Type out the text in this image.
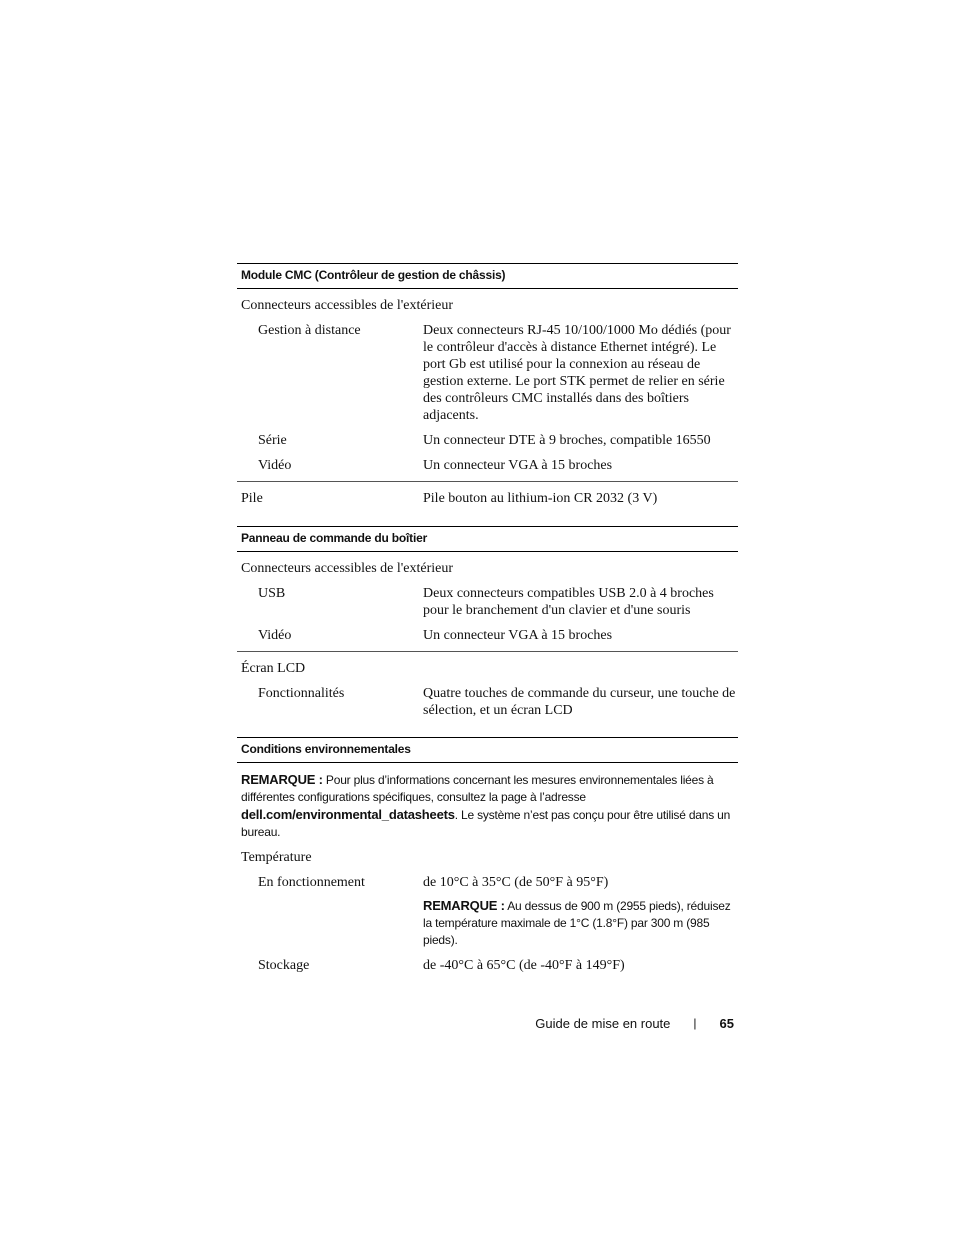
Module CMC (Contrôleur de gestion de châssis)
Connecteurs accessibles de l'extérieur
Gestion à distance	Deux connecteurs RJ-45 10/100/1000 Mo dédiés (pour le contrôleur d'accès à distance Ethernet intégré). Le port Gb est utilisé pour la connexion au réseau de gestion externe. Le port STK permet de relier en série des contrôleurs CMC installés dans des boîtiers adjacents.
Série	Un connecteur DTE à 9 broches, compatible 16550
Vidéo	Un connecteur VGA à 15 broches
Pile	Pile bouton au lithium-ion CR 2032 (3 V)
Panneau de commande du boîtier
Connecteurs accessibles de l'extérieur
USB	Deux connecteurs compatibles USB 2.0 à 4 broches pour le branchement d'un clavier et d'une souris
Vidéo	Un connecteur VGA à 15 broches
Écran LCD
Fonctionnalités	Quatre touches de commande du curseur, une touche de sélection, et un écran LCD
Conditions environnementales
REMARQUE : Pour plus d’informations concernant les mesures environnementales liées à différentes configurations spécifiques, consultez la page à l’adresse dell.com/environmental_datasheets. Le système n’est pas conçu pour être utilisé dans un bureau.
Température
En fonctionnement	de 10°C à 35°C (de 50°F à 95°F)
REMARQUE : Au dessus de 900 m (2955 pieds), réduisez la température maximale de 1°C (1.8°F) par 300 m (985 pieds).
Stockage	de -40°C à 65°C (de -40°F à 149°F)
Guide de mise en route | 65
